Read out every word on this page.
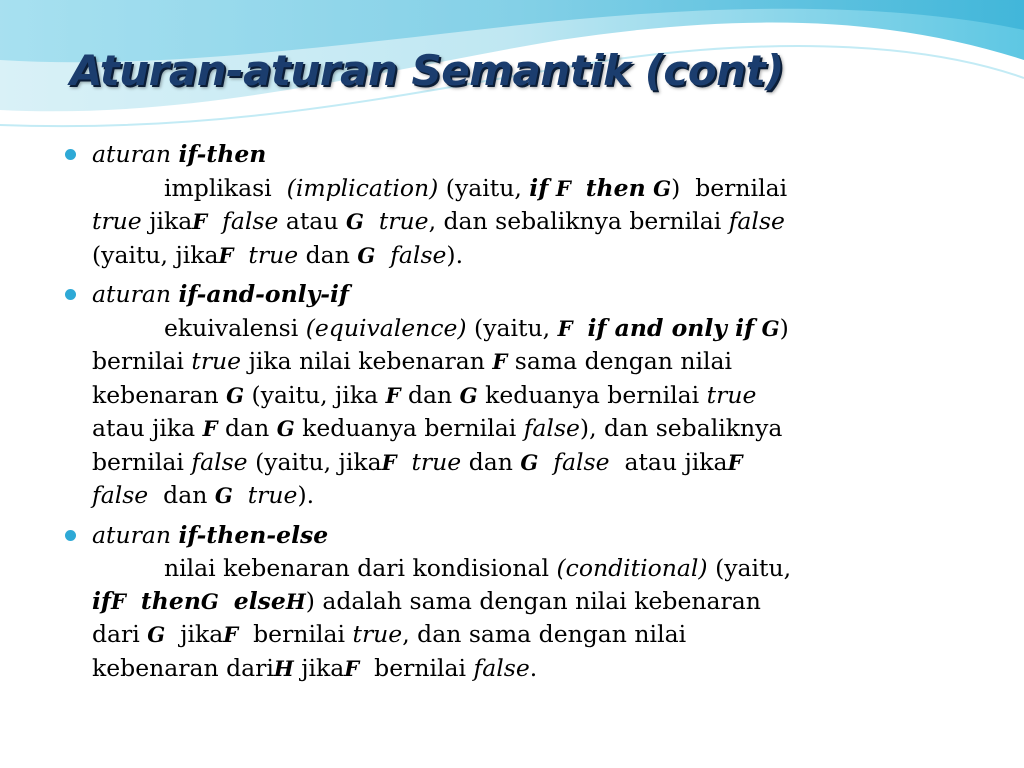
Aturan-aturan Semantik (cont)
aturan if-then
implikasi (implication) (yaitu, if F then G) bernilai
true jikaF false atau G true, dan sebaliknya bernilai false
(yaitu, jikaF true dan G false).
aturan if-and-only-if
ekuivalensi (equivalence) (yaitu, F if and only if G)
bernilai true jika nilai kebenaran F sama dengan nilai
kebenaran G (yaitu, jika F dan G keduanya bernilai true
atau jika F dan G keduanya bernilai false), dan sebaliknya
bernilai false (yaitu, jikaF true dan G false atau jikaF
false dan G true).
aturan if-then-else
nilai kebenaran dari kondisional (conditional) (yaitu,
ifF thenG elseH) adalah sama dengan nilai kebenaran
dari G jikaF bernilai true, dan sama dengan nilai
kebenaran dariH jikaF bernilai false.
